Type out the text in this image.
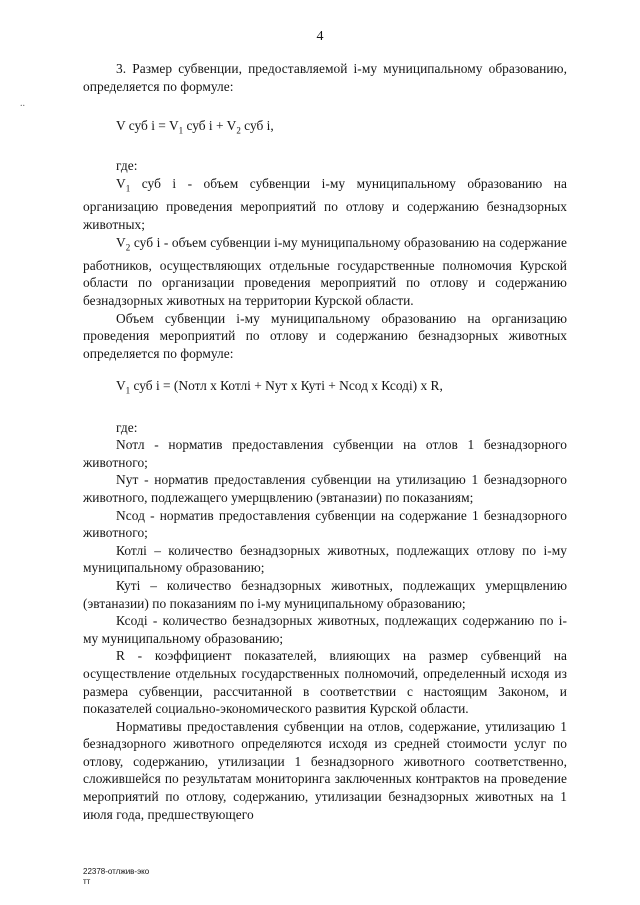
4
..

3. Размер субвенции, предоставляемой i-му муниципальному образованию, определяется по формуле:

V суб $i = V_1$ суб $i + V_2$ суб i,

где:

$V_1$ суб i - объем субвенции i-му муниципальному образованию на организацию проведения мероприятий по отлову и содержанию безнадзорных животных;

$V_2$ суб i - объем субвенции i-му муниципальному образованию на содержание работников, осуществляющих отдельные государственные полномочия Курской области по организации проведения мероприятий по отлову и содержанию безнадзорных животных на территории Курской области.

Объем субвенции i-му муниципальному образованию на организацию проведения мероприятий по отлову и содержанию безнадзорных животных определяется по формуле:

$V_1$ суб i = (Nотл x Котлi + Nут x Кутi + Nсод x Ксодi) x R,

где:

Nотл - норматив предоставления субвенции на отлов 1 безнадзорного животного;

Nут - норматив предоставления субвенции на утилизацию 1 безнадзорного животного, подлежащего умерщвлению (эвтаназии) по показаниям;

Nсод - норматив предоставления субвенции на содержание 1 безнадзорного животного;

Котлi – количество безнадзорных животных, подлежащих отлову по i-му муниципальному образованию;

Кутi – количество безнадзорных животных, подлежащих умерщвлению (эвтаназии) по показаниям по i-му муниципальному образованию;

Ксодi - количество безнадзорных животных, подлежащих содержанию по i-му муниципальному образованию;

R - коэффициент показателей, влияющих на размер субвенций на осуществление отдельных государственных полномочий, определенный исходя из размера субвенции, рассчитанной в соответствии с настоящим Законом, и показателей социально-экономического развития Курской области.

Нормативы предоставления субвенции на отлов, содержание, утилизацию 1 безнадзорного животного определяются исходя из средней стоимости услуг по отлову, содержанию, утилизации 1 безнадзорного животного соответственно, сложившейся по результатам мониторинга заключенных контрактов на проведение мероприятий по отлову, содержанию, утилизации безнадзорных животных на 1 июля года, предшествующего

22378-отлжив-эко
тт
